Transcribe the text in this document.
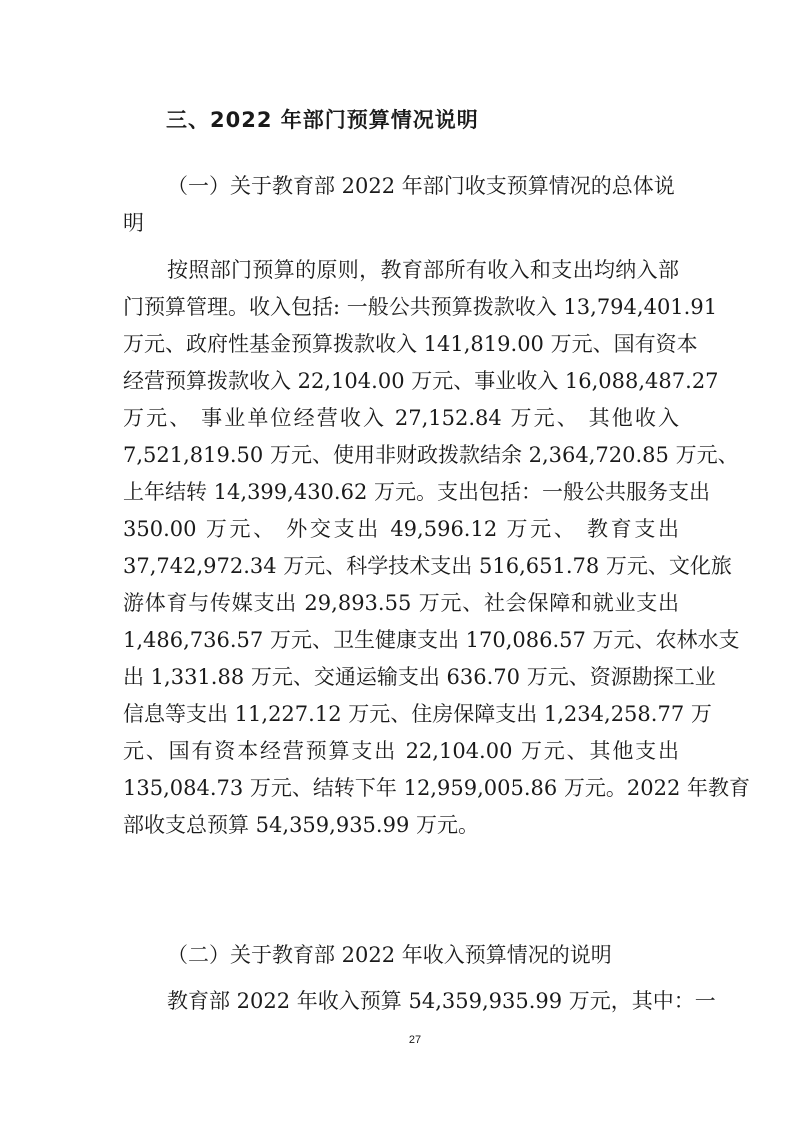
三、2022 年部门预算情况说明
（一）关于教育部 2022 年部门收支预算情况的总体说
明
按照部门预算的原则，教育部所有收入和支出均纳入部
门预算管理。收入包括: 一般公共预算拨款收入 13,794,401.91
万元、政府性基金预算拨款收入 141,819.00 万元、国有资本
经营预算拨款收入 22,104.00 万元、事业收入 16,088,487.27
万元、 事业单位经营收入 27,152.84 万元、 其他收入
7,521,819.50 万元、使用非财政拨款结余 2,364,720.85 万元、
上年结转 14,399,430.62 万元。支出包括：一般公共服务支出
350.00 万元、 外交支出 49,596.12 万元、 教育支出
37,742,972.34 万元、科学技术支出 516,651.78 万元、文化旅
游体育与传媒支出 29,893.55 万元、社会保障和就业支出
1,486,736.57 万元、卫生健康支出 170,086.57 万元、农林水支
出 1,331.88 万元、交通运输支出 636.70 万元、资源勘探工业
信息等支出 11,227.12 万元、住房保障支出 1,234,258.77 万
元、国有资本经营预算支出 22,104.00 万元、其他支出
135,084.73 万元、结转下年 12,959,005.86 万元。2022 年教育
部收支总预算 54,359,935.99 万元。
（二）关于教育部 2022 年收入预算情况的说明
教育部 2022 年收入预算 54,359,935.99 万元，其中：一

27
